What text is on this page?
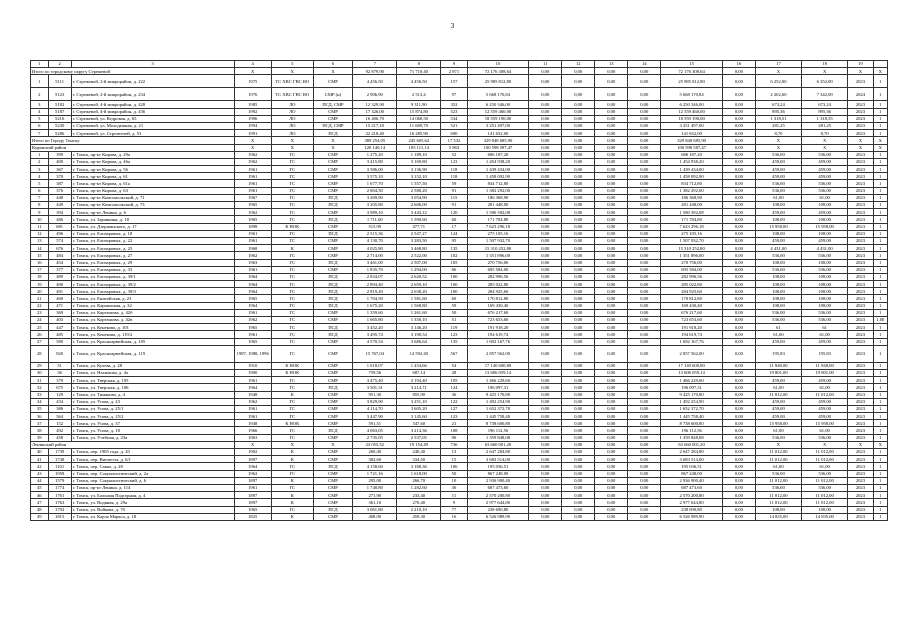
3
1	2	3	4	5	6	7	8	9	10	11	12	13	14	15	16	17	18	19	
Итого по городскому округу Стрежевой			X	X	X	92 879,90	71 710,40	2 871	72 176 308,64	0,00	0,00	0,00	0,00	72 176 308,64	0,00	X	X	X	X
1	5111	г. Стрежевой, 2-й микрорайон, д. 222	1975	ТС ХВС ГВС ВО	СМР	4 456,50	4 456,50	157	25 985 812,80	0,00	0,00	0,00	0,00	25 985 812,80	0,00	6 252,00	6 252,00	2023	1
2	5123	г. Стрежевой, 2-й микрорайон, д. 234	1976	ТС ХВС ГВС ВО	СМР (н)	2 906,90	2 513,4	97	5 668 170,84	0,00	0,00	0,00	0,00	5 668 170,84	0,00	2 202,60	7 342,00	2024	1
3	5182	г. Стрежевой, 4-й микрорайон, д. 428	1985	ЛО	ПСД, СМР	12 329,90	9 311,90	352	6 250 346,00	0,00	0,00	0,00	0,00	6 250 346,00	0,00	673,24	673,24	2023	1
4	5187	г. Стрежевой, 4-й микрорайон, д. 436	1992	ЛО	СМР	17 326,00	15 874,80	523	12 559 460,00	0,00	0,00	0,00	0,00	12 559 460,00	0,00	895,36	895,36	2023	1
5	5216	г. Стрежевой, ул. Кедровая, д. 65	1996	ЛО	СМР	16 406,70	14 060,50	534	18 559 190,00	0,00	0,00	0,00	0,00	18 559 190,00	0,00	1 318,51	1 318,55	2023	1
6	5230	г. Стрежевой, ул. Молодежная, д. 21	1994	ЛО	ПСД, СМР	15 217,10	11 689,70	521	3 251 497,00	0,00	0,00	0,00	0,00	3 251 497,00	0,00	281,25	281,25	2023	1
7	5286	г. Стрежевой, ул. Строителей, д. 53	1991	ЛО	ПСД	22 218,40	16 285,90	690	141 652,00	0,00	0,00	0,00	0,00	141 652,00	0,00	8,70	8,70	2023	1
Итого по Городу Томску			X	X	X	389 254,95	245 605,62	17 532	329 848 685,90	0,00	0,00	0,00	0,00	329 848 685,90	0,00	X	X	X	X
Кировский район			X	X	X	120 140,14	105 111,14	5 963	100 598 587,47	0,00	0,00	0,00	0,00	100 598 587,47	0,00	X	X	X	X
1	399	г. Томск, пр-кт Кирова, д. 29а	1962	ГС	СМР	1 275,20	1 189,10	52	686 187,20	0,00	0,00	0,00	0,00	686 187,20	0,00	536,00	536,00	2023	1
2	400	г. Томск, пр-кт Кирова, д. 46а	1962	ГС	СМР	3 415,80	3 169,80	123	1 454 938,20	0,00	0,00	0,00	0,00	1 454 938,20	0,00	459,00	459,00	2023	1
3	367	г. Томск, пр-кт Кирова, д. 56	1961	ГС	СМР	3 586,00	3 136,90	118	1 439 434,00	0,00	0,00	0,00	0,00	1 439 434,00	0,00	459,00	459,00	2023	1
4	370	г. Томск, пр-кт Кирова, д. 61	1961	ГС	СМР	3 575,10	3 152,10	118	1 458 092,90	0,00	0,00	0,00	0,00	1 458 092,90	0,00	459,00	459,00	2023	1
5	387	г. Томск, пр-кт Кирова, д. 61а	1961	ГС	СМР	1 677,70	1 557,50	59	834 712,80	0,00	0,00	0,00	0,00	834 712,80	0,00	536,00	536,00	2023	1
6	376	г. Томск, пр-кт Кирова, д. 63	1961	ГС	СМР	2 804,50	2 580,20	91	1 382 292,00	0,00	0,00	0,00	0,00	1 382 292,00	0,00	536,00	536,00	2023	1
7	448	г. Томск, пр-кт Комсомольский, д. 71	1967	ГС	ПСД	3 269,90	3 054,90	115	186 368,90	0,00	0,00	0,00	0,00	186 368,90	0,00	61,00	61,00	2023	1
8	449	г. Томск, пр-кт Комсомольский, д. 73	1965	ГС	ПСД	3 205,80	2 606,00	91	281 448,00	0,00	0,00	0,00	0,00	281 448,00	0,00	108,00	108,00	2023	1
9	394	г. Томск, пр-кт Ленина, д. 6	1962	ГС	СМР	3 989,10	3 443,12	120	1 580 392,08	0,00	0,00	0,00	0,00	1 580 392,08	0,00	459,00	459,00	2023	1
10	486	г. Томск, ул. Заравнина, д. 18	1965	ГС	ПСД	1 711,60	1 590,60	60	171 784,80	0,00	0,00	0,00	0,00	171 784,80	0,00	108,00	108,00	2023	1
11	681	г. Томск, ул. Дзержинского, д. 17	1898	К НОК	СМР	515,99	477,71	17	7 623 296,18	0,00	0,00	0,00	0,00	7 623 296,18	0,00	15 958,00	15 958,00	2023	1
12	496	г. Томск, ул. Елизаровых, д. 18	1961	ГС	ПСД	2 515,36	2 547,27	124	275 105,16	0,00	0,00	0,00	0,00	275 105,16	0,00	108,00	108,00	2023	1
13	574	г. Томск, ул. Елизаровых, д. 22	1961	ГС	СМР	4 130,70	3 283,50	95	1 507 932,70	0,00	0,00	0,00	0,00	1 507 932,70	0,00	459,00	459,00	2023	1
14	676	г. Томск, ул. Елизаровых, д. 25	1968	К	СМР	4 025,80	3 468,80	135	15 310 252,80	0,00	0,00	0,00	0,00	15 310 252,80	0,00	4 431,00	4 431,00	2023	1
15	484	г. Томск, ул. Елизаровых, д. 27	1962	ГС	СМР	2 714,00	2 522,00	102	1 351 896,00	0,00	0,00	0,00	0,00	1 351 896,00	0,00	536,00	536,00	2023	1
16	454	г. Томск, ул. Елизаровых, д. 29	1963	ГС	ПСД	3 461,00	2 507,00	105	270 756,00	0,00	0,00	0,00	0,00	270 756,00	0,00	108,00	108,00	2023	1
17	377	г. Томск, ул. Елизаровых, д. 33	1961	ГС	СМР	1 835,70	1 294,00	66	695 584,00	0,00	0,00	0,00	0,00	695 584,00	0,00	536,00	536,00	2023	1
18	489	г. Томск, ул. Елизаровых, д. 39/1	1964	ГС	ПСД	2 834,07	2 620,52	100	282 996,56	0,00	0,00	0,00	0,00	282 996,56	0,00	108,00	108,00	2023	1
19	490	г. Томск, ул. Елизаровых, д. 39/2	1964	ГС	ПСД	2 894,40	2 659,10	100	285 022,80	0,00	0,00	0,00	0,00	285 022,80	0,00	108,00	108,00	2023	1
20	491	г. Томск, ул. Елизаровых, д. 39/3	1964	ГС	ПСД	2 819,20	2 638,20	100	284 925,60	0,00	0,00	0,00	0,00	284 925,60	0,00	108,00	108,00	2023	1
21	460	г. Томск, ул. Енисейская, д. 23	1965	ГС	ПСД	1 704,50	1 581,60	60	170 812,80	0,00	0,00	0,00	0,00	170 812,80	0,00	108,00	108,00	2023	1
22	471	г. Томск, ул. Карпинская, д. 32	1964	ГС	ПСД	1 675,20	1 568,80	59	169 430,40	0,00	0,00	0,00	0,00	169 430,40	0,00	108,00	108,00	2023	1
23	369	г. Томск, ул. Карташова, д. 42б	1961	ГС	СМР	1 359,60	1 261,60	50	676 217,60	0,00	0,00	0,00	0,00	676 217,60	0,00	536,00	536,00	2023	1
24	403	г. Томск, ул. Карташова, д. 42в	1962	ГС	СМР	1 665,80	1 350,10	51	723 653,60	0,00	0,00	0,00	0,00	723 653,60	0,00	536,00	536,00	2023	1,00
25	447	г. Томск, ул. Кенекова, д. 101	1965	ГС	ПСД	3 452,20	3 146,20	119	191 918,20	0,00	0,00	0,00	0,00	191 918,20	0,00	61	61	2023	1
26	485	г. Томск, ул. Кенекова, д. 119/2	1961	ГС	ПСД	3 495,74	3 190,54	123	194 619,74	0,00	0,00	0,00	0,00	194 619,74	0,00	61,00	61,00	2023	1
27	580	г. Томск, ул. Красноармейская, д. 105	1965	ГС	СМР	4 570,54	3 686,64	135	1 692 167,76	0,00	0,00	0,00	0,00	1 692 167,76	0,00	459,00	459,00	2023	1
28	820	г. Томск, ул. Красноармейская, д. 119	1987, 1988, 1996	ГС	СМР	15 767,04	14 592,40	567	2 857 562,00	0,00	0,00	0,00	0,00	2 857 562,00	0,00	195,83	195,83	2023	1
29	51	г. Томск, ул. Кулева, д. 28	1910	К НОК	СМР	1 618,07	1 454,66	54	17 140 600,80	0,00	0,00	0,00	0,00	17 140 600,80	0,00	11 948,00	11 948,00	2023	1
30	36	г. Томск, ул. Нахимова, д. 4а	1900	К НОК	СМР	759,56	687,14	28	13 606 059,14	0,00	0,00	0,00	0,00	13 606 059,14	0,00	19 801,00	19 801,00	2023	1
31	379	г. Томск, ул. Тверская, д. 105	1961	ГС	СМР	3 475,40	3 194,40	105	1 466 229,60	0,00	0,00	0,00	0,00	1 466 229,60	0,00	459,00	459,00	2023	1
32	675	г. Томск, ул. Тверская, д. 106	1964	ГС	ПСД	3 501,31	3 214,71	124	196 097,31	0,00	0,00	0,00	0,00	196 097,31	0,00	61,00	61,00	2023	1
33	129	г. Томск, ул. Тимакова, д. 4	1948	К	СМР	951,30	855,90	36	9 425 170,80	0,00	0,00	0,00	0,00	9 425 170,80	0,00	11 012,00	11 012,00	2023	1
34	434	г. Томск, ул. Усова, д. 23	1962	ГС	СМР	3 829,90	3 251,10	122	1 492 254,90	0,00	0,00	0,00	0,00	1 492 254,90	0,00	459,00	459,00	2023	1
35	386	г. Томск, ул. Усова, д. 25/1	1961	ГС	СМР	4 114,70	3 605,20	127	1 652 372,70	0,00	0,00	0,00	0,00	1 652 372,70	0,00	459,00	459,00	2023	1
36	564	г. Томск, ул. Усова, д. 25/2	1961	ГС	СМР	3 447,90	3 145,60	123	1 445 758,40	0,00	0,00	0,00	0,00	1 445 758,40	0,00	459,00	459,00	2023	1
37	152	г. Томск, ул. Усова, д. 37	1948	К НОК	СМР	591,51	547,60	21	8 738 600,80	0,00	0,00	0,00	0,00	8 738 600,80	0,00	15 958,00	15 958,00	2023	1
38	492	г. Томск, ул. Усова, д. 18	1966	ГС	ПСД	4 063,05	3 214,36	108	196 112,56	0,00	0,00	0,00	0,00	196 112,56	0,00	61,00	61,00	2023	1
39	458	г. Томск, ул. Учебная, д. 23а	1963	ГС	СМР	2 735,05	2 537,05	96	1 359 848,08	0,00	0,00	0,00	0,00	1 359 848,08	0,00	536,00	536,00	2023	1
Ленинский район			X	X	X	23 055,52	19 154,49	736	63 660 001,20	0,00	0,00	0,00	0,00	63 660 001,20	0,00	X	X	X	X
40	1739	г. Томск, пер. 1905 года, д. 20	1902	К	СМР	260,40	240,40	13	2 647 284,80	0,00	0,00	0,00	0,00	2 647 284,80	0,00	11 012,00	11 012,00	2023	1
41	1748	г. Томск, пер. Виппетта, д. 6/1	1897	К	СМР	382,60	334,50	15	3 683 514,00	0,00	0,00	0,00	0,00	3 683 514,00	0,00	11 012,00	11 012,00	2023	1
42	1101	г. Томск, пер. Сакко, д. 28	1964	ГС	ПСД	4 158,60	3 168,36	106	195 036,51	0,00	0,00	0,00	0,00	195 036,51	0,00	61,00	61,00	2023	1
43	1958	г. Томск, пер. Социалистический, д. 2а	1962	ГС	СМР	1 721,16	1 618,00	50	867 248,00	0,00	0,00	0,00	0,00	867 248,00	0,00	536,00	536,00	2023	1
44	1579	г. Томск, пер. Социалистический, д. 6	1897	К	СМР	295,00	266,70	10	2 936 900,40	0,00	0,00	0,00	0,00	2 936 900,40	0,00	11 012,00	11 012,00	2023	1
45	1774	г. Томск, пр-кт Ленина, д. 114	1961	ГС	СМР	1 748,80	1 282,60	36	687 473,60	0,00	0,00	0,00	0,00	687 473,60	0,00	536,00	536,00	2023	1
46	1761	г. Томск, ул. Большая Подгорная, д. 4	1897	К	СМР	271,90	233,40	11	2 570 200,80	0,00	0,00	0,00	0,00	2 570 200,80	0,00	11 012,00	11 012,00	2023	1
47	1763	г. Томск, ул. Водяная, д. 29а	1897	К	СМР	361,10	270,40	9	2 977 644,80	0,00	0,00	0,00	0,00	2 977 644,80	0,00	11 012,00	11 012,00	2023	1
48	1792	г. Томск, ул. Войкова, д. 70	1965	ГС	ПСД	3 061,80	2 210,10	77	238 690,80	0,00	0,00	0,00	0,00	238 690,80	0,00	108,00	108,00	2023	1
49	1815	г. Томск, ул. Карла Маркса, д. 18	1825	К	СМР	408,00	459,30	16	6 526 989,90	0,00	0,00	0,00	0,00	6 526 989,90	0,00	14 835,00	14 835,00	2023	1
